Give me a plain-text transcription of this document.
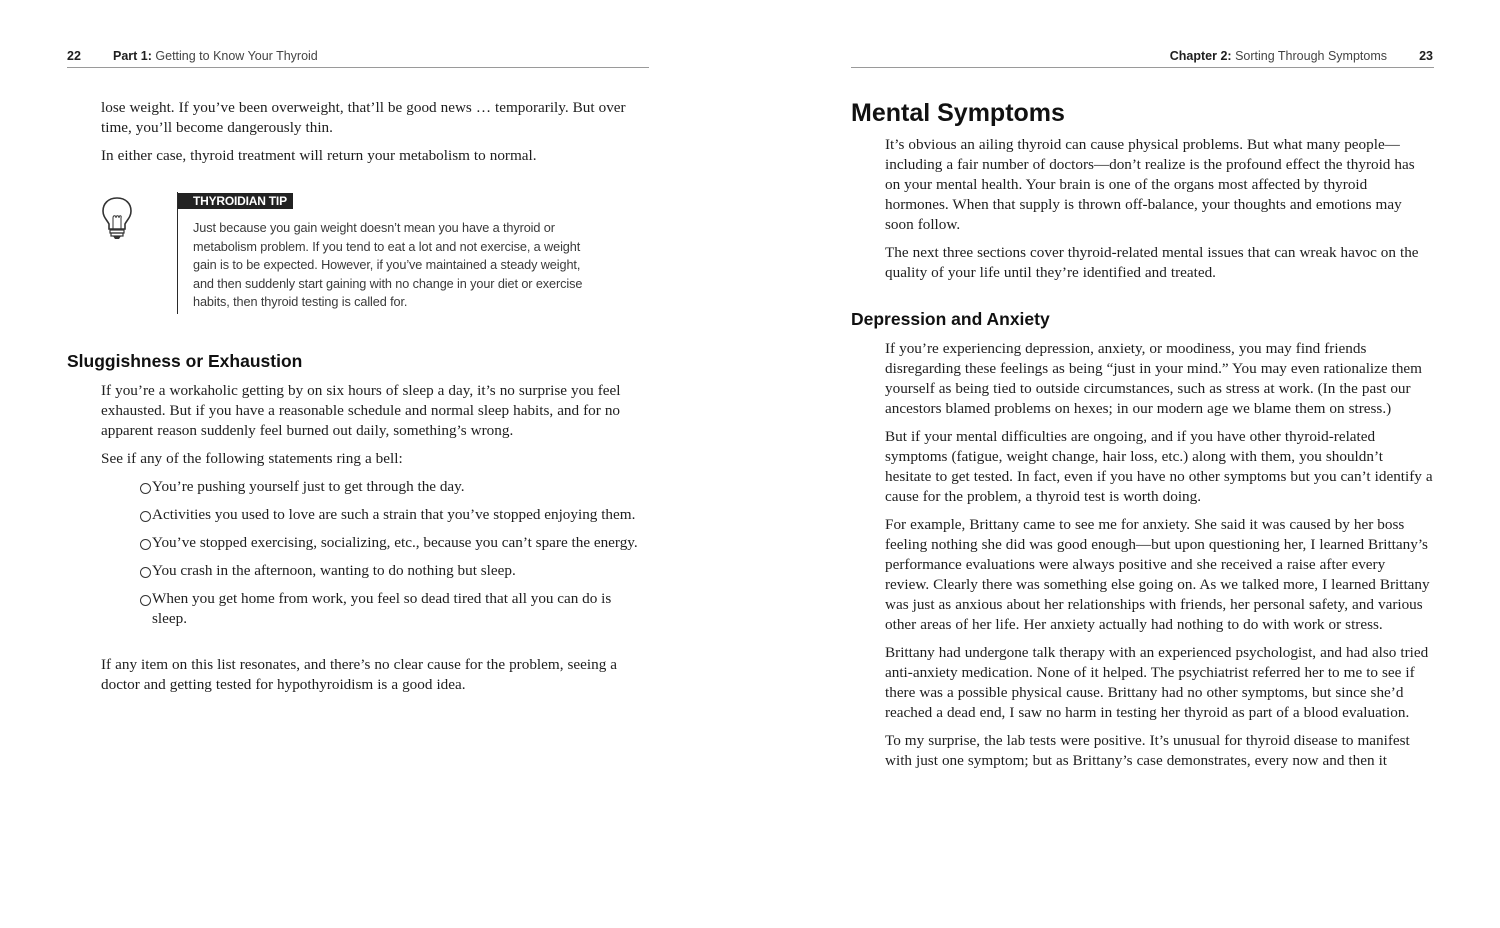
22	Part 1: Getting to Know Your Thyroid

lose weight. If you’ve been overweight, that’ll be good news … temporarily. But over time, you’ll become dangerously thin.

In either case, thyroid treatment will return your metabolism to normal.

THYROIDIAN TIP
Just because you gain weight doesn’t mean you have a thyroid or
metabolism problem. If you tend to eat a lot and not exercise, a weight
gain is to be expected. However, if you’ve maintained a steady weight,
and then suddenly start gaining with no change in your diet or exercise
habits, then thyroid testing is called for.
Sluggishness or Exhaustion

If you’re a workaholic getting by on six hours of sleep a day, it’s no surprise you feel exhausted. But if you have a reasonable schedule and normal sleep habits, and for no apparent reason suddenly feel burned out daily, something’s wrong.

See if any of the following statements ring a bell:

You’re pushing yourself just to get through the day.
Activities you used to love are such a strain that you’ve stopped enjoying them.
You’ve stopped exercising, socializing, etc., because you can’t spare the energy.
You crash in the afternoon, wanting to do nothing but sleep.
When you get home from work, you feel so dead tired that all you can do is sleep.

If any item on this list resonates, and there’s no clear cause for the problem, seeing a doctor and getting tested for hypothyroidism is a good idea.

Chapter 2: Sorting Through Symptoms	23
Mental Symptoms

It’s obvious an ailing thyroid can cause physical problems. But what many people—including a fair number of doctors—don’t realize is the profound effect the thyroid has on your mental health. Your brain is one of the organs most affected by thyroid hormones. When that supply is thrown off-balance, your thoughts and emotions may soon follow.

The next three sections cover thyroid-related mental issues that can wreak havoc on the quality of your life until they’re identified and treated.

Depression and Anxiety

If you’re experiencing depression, anxiety, or moodiness, you may find friends disregarding these feelings as being “just in your mind.” You may even rationalize them yourself as being tied to outside circumstances, such as stress at work. (In the past our ancestors blamed problems on hexes; in our modern age we blame them on stress.)

But if your mental difficulties are ongoing, and if you have other thyroid-related symptoms (fatigue, weight change, hair loss, etc.) along with them, you shouldn’t hesitate to get tested. In fact, even if you have no other symptoms but you can’t identify a cause for the problem, a thyroid test is worth doing.

For example, Brittany came to see me for anxiety. She said it was caused by her boss feeling nothing she did was good enough—but upon questioning her, I learned Brittany’s performance evaluations were always positive and she received a raise after every review. Clearly there was something else going on. As we talked more, I learned Brittany was just as anxious about her relationships with friends, her personal safety, and various other areas of her life. Her anxiety actually had nothing to do with work or stress.

Brittany had undergone talk therapy with an experienced psychologist, and had also tried anti-anxiety medication. None of it helped. The psychiatrist referred her to me to see if there was a possible physical cause. Brittany had no other symptoms, but since she’d reached a dead end, I saw no harm in testing her thyroid as part of a blood evaluation.

To my surprise, the lab tests were positive. It’s unusual for thyroid disease to manifest with just one symptom; but as Brittany’s case demonstrates, every now and then it
